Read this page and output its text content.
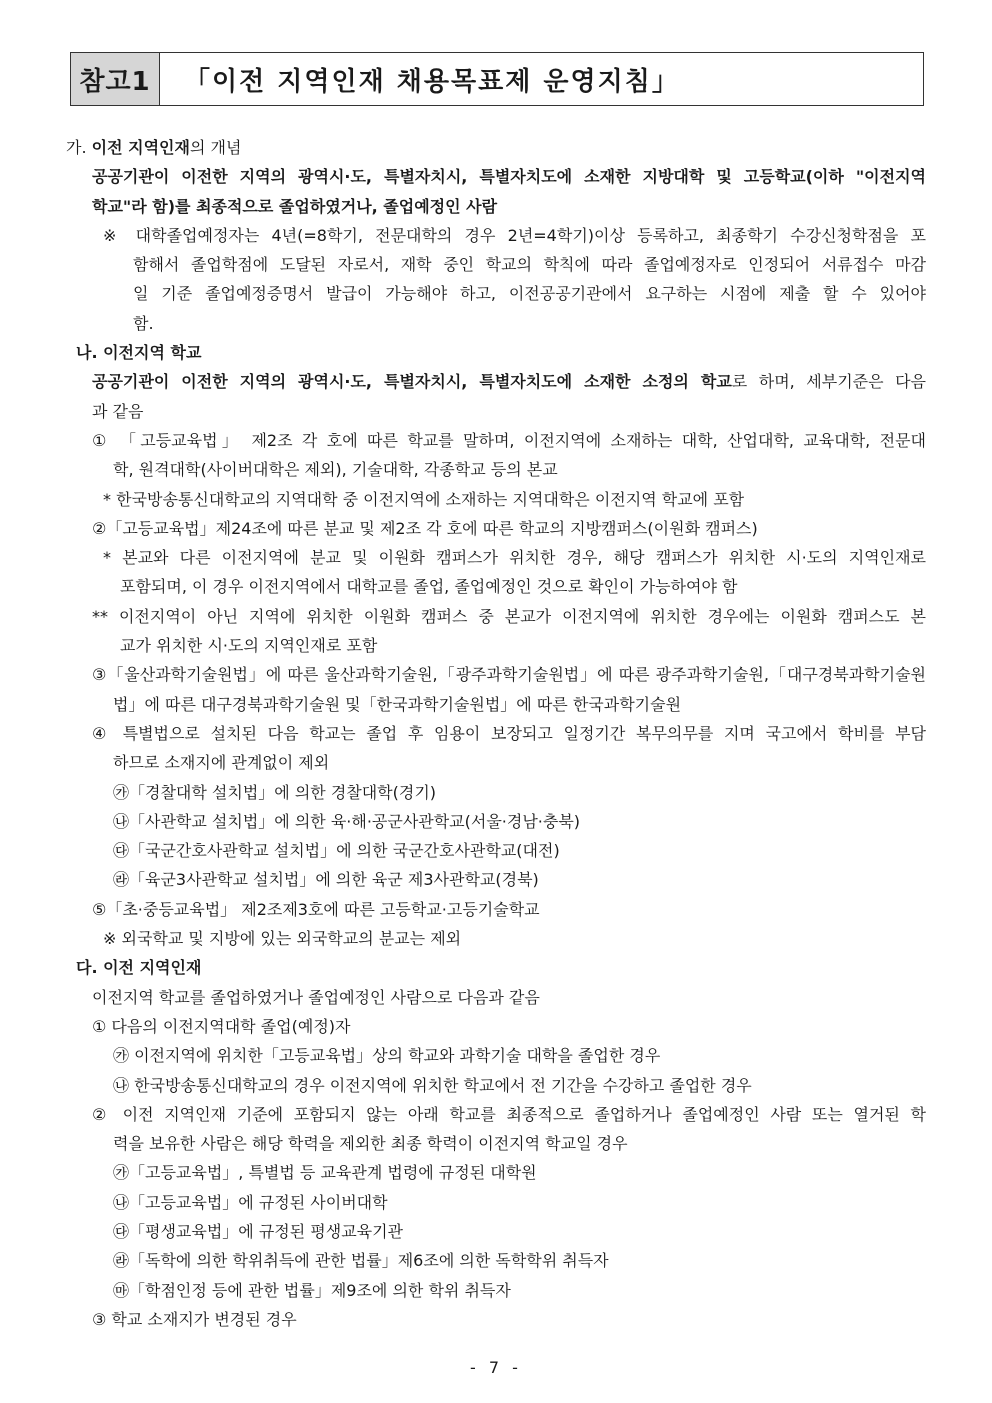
참고1	「이전 지역인재 채용목표제 운영지침」
가. 이전 지역인재의 개념
공공기관이 이전한 지역의 광역시·도, 특별자치시, 특별자치도에 소재한 지방대학 및 고등학교(이하 "이전지역
학교"라 함)를 최종적으로 졸업하였거나, 졸업예정인 사람
※ 대학졸업예정자는 4년(=8학기, 전문대학의 경우 2년=4학기)이상 등록하고, 최종학기 수강신청학점을 포
함해서 졸업학점에 도달된 자로서, 재학 중인 학교의 학칙에 따라 졸업예정자로 인정되어 서류접수 마감
일 기준 졸업예정증명서 발급이 가능해야 하고, 이전공공기관에서 요구하는 시점에 제출 할 수 있어야
함.
나. 이전지역 학교
공공기관이 이전한 지역의 광역시·도, 특별자치시, 특별자치도에 소재한 소정의 학교로 하며, 세부기준은 다음
과 같음
① 「고등교육법」 제2조 각 호에 따른 학교를 말하며, 이전지역에 소재하는 대학, 산업대학, 교육대학, 전문대
학, 원격대학(사이버대학은 제외), 기술대학, 각종학교 등의 본교
* 한국방송통신대학교의 지역대학 중 이전지역에 소재하는 지역대학은 이전지역 학교에 포함
②「고등교육법」제24조에 따른 분교 및 제2조 각 호에 따른 학교의 지방캠퍼스(이원화 캠퍼스)
* 본교와 다른 이전지역에 분교 및 이원화 캠퍼스가 위치한 경우, 해당 캠퍼스가 위치한 시·도의 지역인재로
포함되며, 이 경우 이전지역에서 대학교를 졸업, 졸업예정인 것으로 확인이 가능하여야 함
** 이전지역이 아닌 지역에 위치한 이원화 캠퍼스 중 본교가 이전지역에 위치한 경우에는 이원화 캠퍼스도 본
교가 위치한 시·도의 지역인재로 포함
③「울산과학기술원법」에 따른 울산과학기술원,「광주과학기술원법」에 따른 광주과학기술원,「대구경북과학기술원
법」에 따른 대구경북과학기술원 및「한국과학기술원법」에 따른 한국과학기술원
④ 특별법으로 설치된 다음 학교는 졸업 후 임용이 보장되고 일정기간 복무의무를 지며 국고에서 학비를 부담
하므로 소재지에 관계없이 제외
㉮「경찰대학 설치법」에 의한 경찰대학(경기)
㉯「사관학교 설치법」에 의한 육·해·공군사관학교(서울·경남·충북)
㉰「국군간호사관학교 설치법」에 의한 국군간호사관학교(대전)
㉱「육군3사관학교 설치법」에 의한 육군 제3사관학교(경북)
⑤「초·중등교육법」 제2조제3호에 따른 고등학교·고등기술학교
※ 외국학교 및 지방에 있는 외국학교의 분교는 제외
다. 이전 지역인재
이전지역 학교를 졸업하였거나 졸업예정인 사람으로 다음과 같음
① 다음의 이전지역대학 졸업(예정)자
㉮ 이전지역에 위치한「고등교육법」상의 학교와 과학기술 대학을 졸업한 경우
㉯ 한국방송통신대학교의 경우 이전지역에 위치한 학교에서 전 기간을 수강하고 졸업한 경우
② 이전 지역인재 기준에 포함되지 않는 아래 학교를 최종적으로 졸업하거나 졸업예정인 사람 또는 열거된 학
력을 보유한 사람은 해당 학력을 제외한 최종 학력이 이전지역 학교일 경우
㉮「고등교육법」, 특별법 등 교육관계 법령에 규정된 대학원
㉯「고등교육법」에 규정된 사이버대학
㉰「평생교육법」에 규정된 평생교육기관
㉱「독학에 의한 학위취득에 관한 법률」제6조에 의한 독학학위 취득자
㉲「학점인정 등에 관한 법률」제9조에 의한 학위 취득자
③ 학교 소재지가 변경된 경우
- 7 -
